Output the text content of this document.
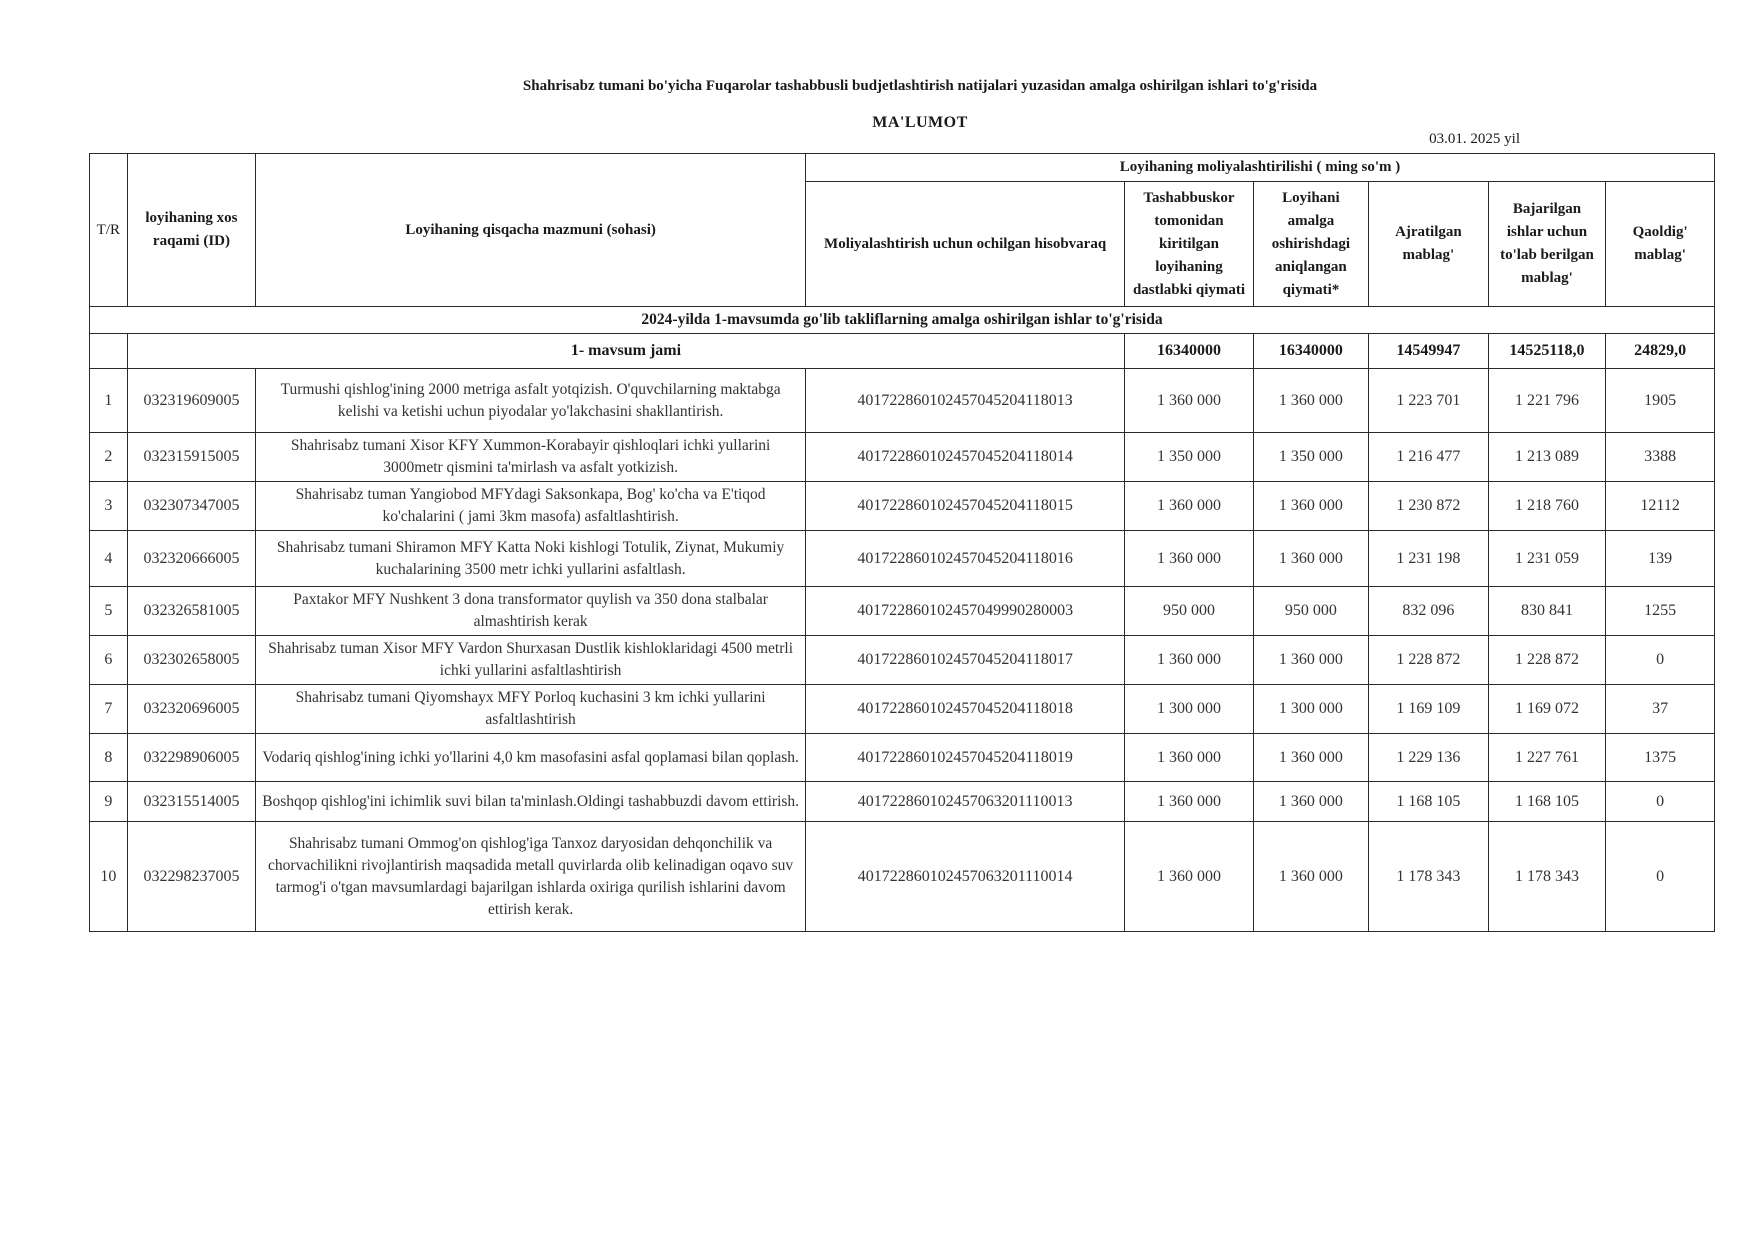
Shahrisabz tumani bo'yicha Fuqarolar tashabbusli budjetlashtirish natijalari yuzasidan amalga oshirilgan ishlari to'g'risida
MA'LUMOT
03.01. 2025 yil
T/R	loyihaning xos raqami (ID)	Loyihaning qisqacha mazmuni (sohasi)	Loyihaning moliyalashtirilishi ( ming so'm )					
			Moliyalashtirish uchun ochilgan hisobvaraq	Tashabbuskor tomonidan kiritilgan loyihaning dastlabki qiymati	Loyihani amalga oshirishdagi aniqlangan qiymati*	Ajratilgan mablag'	Bajarilgan ishlar uchun to'lab berilgan mablag'	Qaoldig' mablag'
2024-yilda 1-mavsumda go'lib takliflarning amalga oshirilgan ishlar to'g'risida								
	1- mavsum jami			16340000	16340000	14549947	14525118,0	24829,0
1	032319609005	Turmushi qishlog'ining 2000 metriga asfalt yotqizish. O'quvchilarning maktabga kelishi va ketishi uchun piyodalar yo'lakchasini shakllantirish.	40172286010245704520411801З	1 360 000	1 360 000	1 223 701	1 221 796	1905
2	032315915005	Shahrisabz tumani Xisor KFY Xummon-Korabayir qishloqlari ichki yullarini 3000metr qismini ta'mirlash va asfalt yotkizish.	401722860102457045204118014	1 350 000	1 350 000	1 216 477	1 213 089	3388
3	032307347005	Shahrisabz tuman Yangiobod MFYdagi Saksonkapa, Bog' ko'cha va E'tiqod ko'chalarini ( jami 3km masofa) asfaltlashtirish.	401722860102457045204118015	1 360 000	1 360 000	1 230 872	1 218 760	12112
4	032320666005	Shahrisabz tumani Shiramon MFY Katta Noki kishlogi Totulik, Ziynat, Mukumiy kuchalarining 3500 metr ichki yullarini asfaltlash.	401722860102457045204118016	1 360 000	1 360 000	1 231 198	1 231 059	139
5	032326581005	Paxtakor MFY Nushkent 3 dona transformator quylish va 350 dona stalbalar almashtirish kerak	401722860102457049990280003	950 000	950 000	832 096	830 841	1255
6	032302658005	Shahrisabz tuman Xisor MFY Vardon Shurxasan Dustlik kishloklaridagi 4500 metrli ichki yullarini asfaltlashtirish	401722860102457045204118017	1 360 000	1 360 000	1 228 872	1 228 872	0
7	032320696005	Shahrisabz tumani Qiyomshayx MFY Porloq kuchasini 3 km ichki yullarini asfaltlashtirish	401722860102457045204118018	1 300 000	1 300 000	1 169 109	1 169 072	37
8	032298906005	Vodariq qishlog'ining ichki yo'llarini 4,0 km masofasini asfal qoplamasi bilan qoplash.	401722860102457045204118019	1 360 000	1 360 000	1 229 136	1 227 761	1375
9	032315514005	Boshqop qishlog'ini ichimlik suvi bilan ta'minlash.Oldingi tashabbuzdi davom ettirish.	401722860102457063201110013	1 360 000	1 360 000	1 168 105	1 168 105	0
10	032298237005	Shahrisabz tumani Ommog'on qishlog'iga Tanxoz daryosidan dehqonchilik va chorvachilikni rivojlantirish maqsadida metall quvirlarda olib kelinadigan oqavo suv tarmog'i o'tgan mavsumlardagi bajarilgan ishlarda oxiriga qurilish ishlarini davom ettirish kerak.	401722860102457063201110014	1 360 000	1 360 000	1 178 343	1 178 343	0
